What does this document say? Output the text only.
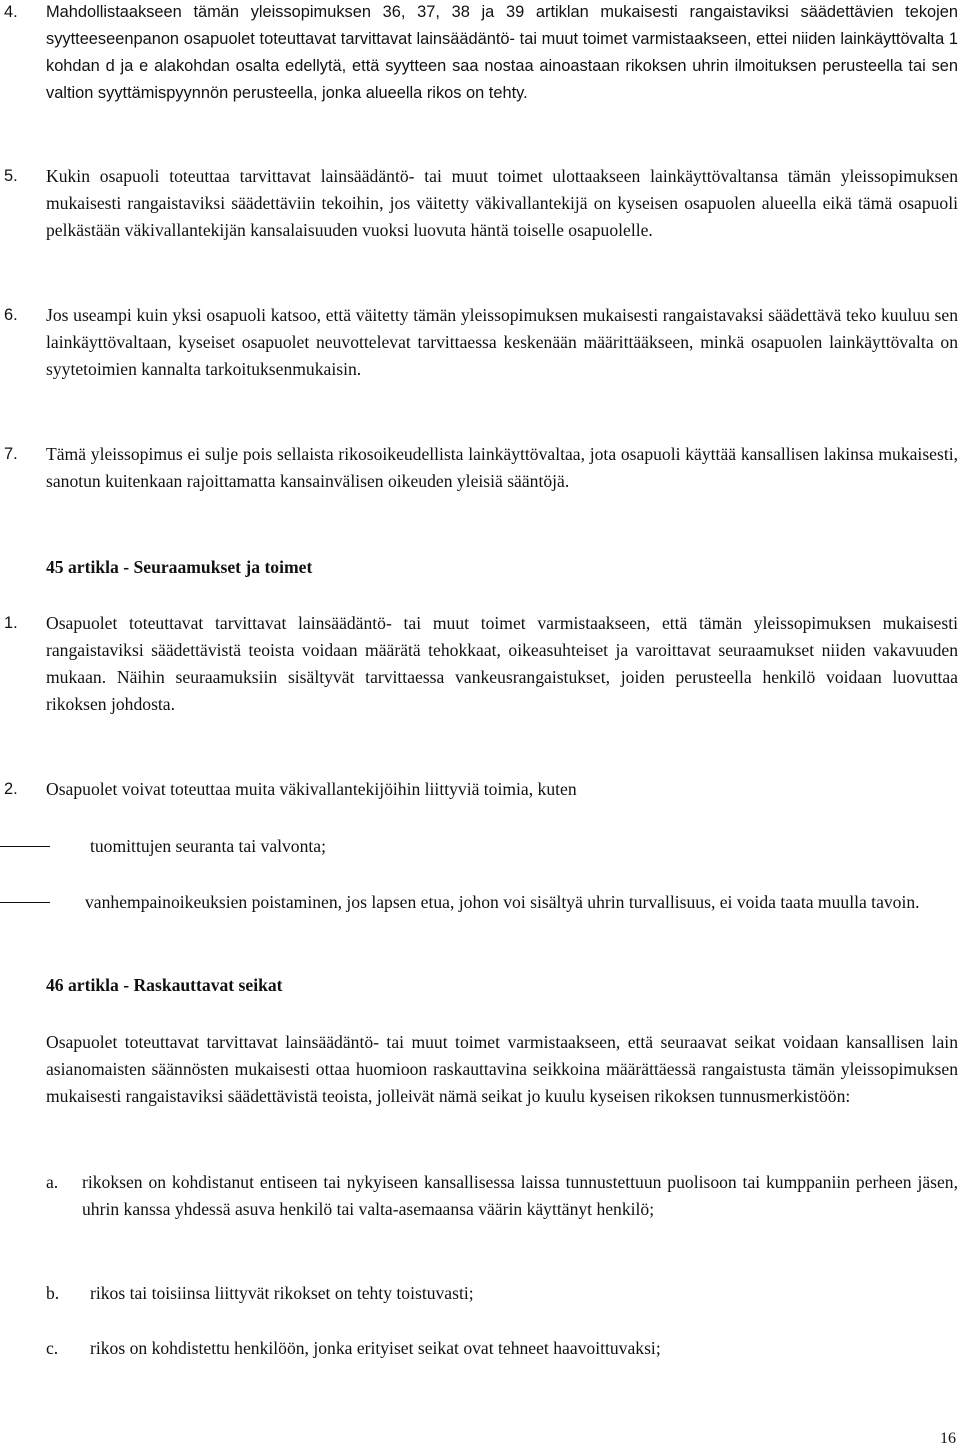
4.	Mahdollistaakseen tämän yleissopimuksen 36, 37, 38 ja 39 artiklan mukaisesti rangaistaviksi säädettävien tekojen syytteeseenpanon osapuolet toteuttavat tarvittavat lainsäädäntö- tai muut toimet varmistaakseen, ettei niiden lainkäyttövalta 1 kohdan d ja e alakohdan osalta edellytä, että syytteen saa nostaa ainoastaan rikoksen uhrin ilmoituksen perusteella tai sen valtion syyttämispyynnön perusteella, jonka alueella rikos on tehty.
5.	Kukin osapuoli toteuttaa tarvittavat lainsäädäntö- tai muut toimet ulottaakseen lainkäyttövaltansa tämän yleissopimuksen mukaisesti rangaistaviksi säädettäviin tekoihin, jos väitetty väkivallantekijä on kyseisen osapuolen alueella eikä tämä osapuoli pelkästään väkivallantekijän kansalaisuuden vuoksi luovuta häntä toiselle osapuolelle.
6.	Jos useampi kuin yksi osapuoli katsoo, että väitetty tämän yleissopimuksen mukaisesti rangaistavaksi säädettävä teko kuuluu sen lainkäyttövaltaan, kyseiset osapuolet neuvottelevat tarvittaessa keskenään määrittääkseen, minkä osapuolen lainkäyttövalta on syytetoimien kannalta tarkoituksenmukaisin.
7.	Tämä yleissopimus ei sulje pois sellaista rikosoikeudellista lainkäyttövaltaa, jota osapuoli käyttää kansallisen lakinsa mukaisesti, sanotun kuitenkaan rajoittamatta kansainvälisen oikeuden yleisiä sääntöjä.
45 artikla - Seuraamukset ja toimet
1.	Osapuolet toteuttavat tarvittavat lainsäädäntö- tai muut toimet varmistaakseen, että tämän yleissopimuksen mukaisesti rangaistaviksi säädettävistä teoista voidaan määrätä tehokkaat, oikeasuhteiset ja varoittavat seuraamukset niiden vakavuuden mukaan. Näihin seuraamuksiin sisältyvät tarvittaessa vankeusrangaistukset, joiden perusteella henkilö voidaan luovuttaa rikoksen johdosta.
2.	Osapuolet voivat toteuttaa muita väkivallantekijöihin liittyviä toimia, kuten
tuomittujen seuranta tai valvonta;
vanhempainoikeuksien poistaminen, jos lapsen etua, johon voi sisältyä uhrin turvallisuus, ei voida taata muulla tavoin.
46 artikla - Raskauttavat seikat
Osapuolet toteuttavat tarvittavat lainsäädäntö- tai muut toimet varmistaakseen, että seuraavat seikat voidaan kansallisen lain asianomaisten säännösten mukaisesti ottaa huomioon raskauttavina seikkoina määrättäessä rangaistusta tämän yleissopimuksen mukaisesti rangaistaviksi säädettävistä teoista, jolleivät nämä seikat jo kuulu kyseisen rikoksen tunnusmerkistöön:
a.	rikoksen on kohdistanut entiseen tai nykyiseen kansallisessa laissa tunnustettuun puolisoon tai kumppaniin perheen jäsen, uhrin kanssa yhdessä asuva henkilö tai valta-asemaansa väärin käyttänyt henkilö;
b.	rikos tai toisiinsa liittyvät rikokset on tehty toistuvasti;
c.	rikos on kohdistettu henkilöön, jonka erityiset seikat ovat tehneet haavoittuvaksi;
16
